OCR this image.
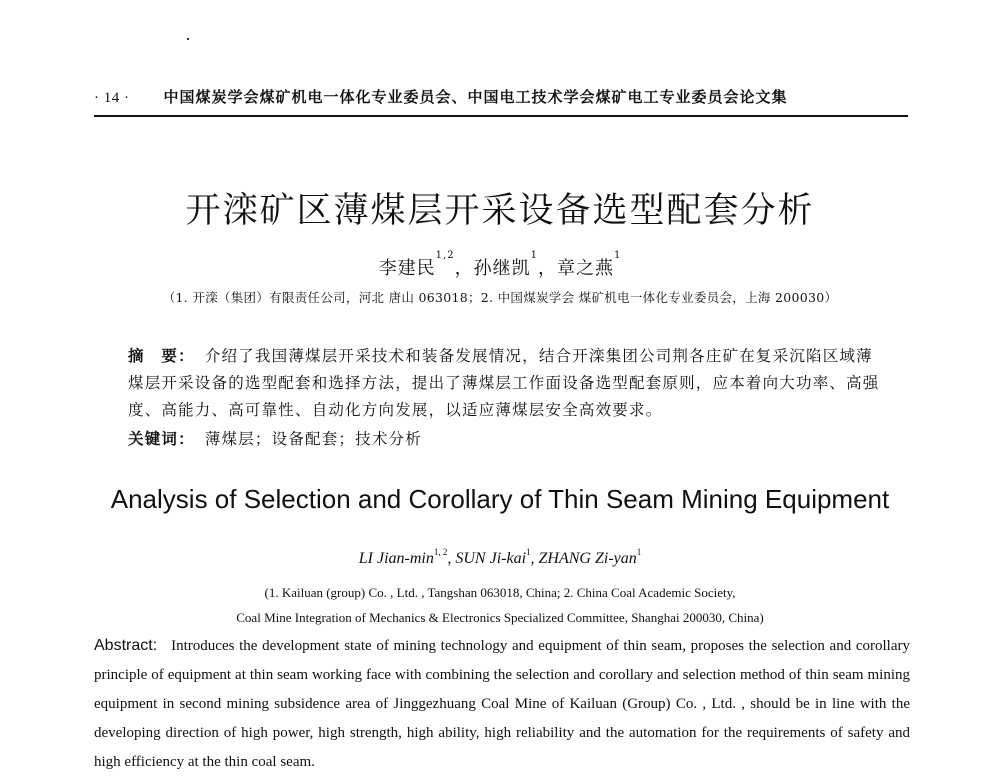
· 14 · 中国煤炭学会煤矿机电一体化专业委员会、中国电工技术学会煤矿电工专业委员会论文集
开滦矿区薄煤层开采设备选型配套分析
李建民$^{1,2}$，孙继凯$^1$，章之燕$^1$
（1. 开滦（集团）有限责任公司，河北 唐山 063018；2. 中国煤炭学会 煤矿机电一体化专业委员会，上海 200030）
摘　要： 介绍了我国薄煤层开采技术和装备发展情况，结合开滦集团公司荆各庄矿在复采沉陷区域薄煤层开采设备的选型配套和选择方法，提出了薄煤层工作面设备选型配套原则，应本着向大功率、高强度、高能力、高可靠性、自动化方向发展，以适应薄煤层安全高效要求。
关键词： 薄煤层；设备配套；技术分析
Analysis of Selection and Corollary of Thin Seam Mining Equipment
LI Jian-$\min^{1, 2}$, SUN Ji-kai$^1$, ZHANG Zi-yan$^1$
(1. Kailuan (group) Co. , Ltd. , Tangshan 063018, China; 2. China Coal Academic Society,
Coal Mine Integration of Mechanics & Electronics Specialized Committee, Shanghai 200030, China)
Abstract: Introduces the development state of mining technology and equipment of thin seam, proposes the selection and corollary principle of equipment at thin seam working face with combining the selection and corollary and selection method of thin seam mining equipment in second mining subsidence area of Jinggezhuang Coal Mine of Kailuan (Group) Co. , Ltd. , should be in line with the developing direction of high power, high strength, high ability, high reliability and the automation for the requirements of safety and high efficiency at the thin coal seam.
